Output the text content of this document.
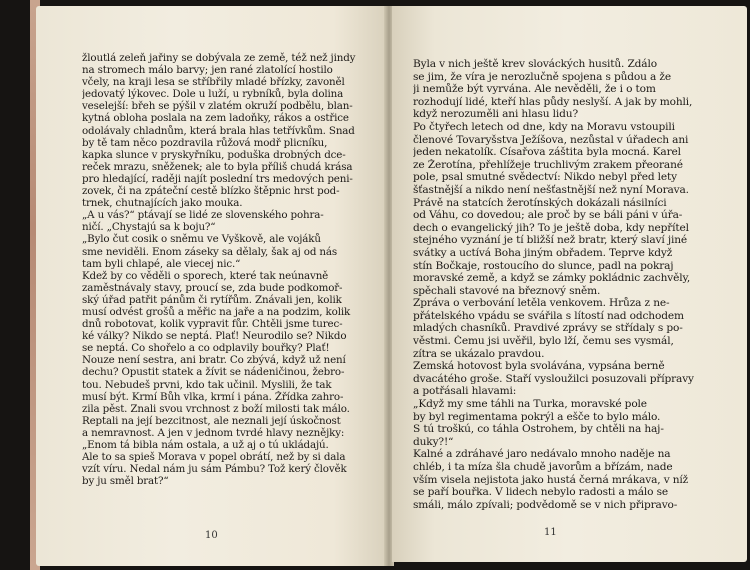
žloutlá zeleň jařiny se dobývala ze země, též než jindy
na stromech málo barvy; jen rané zlatolící hostilo
včely, na kraji lesa se stříbřily mladé břízky, zavoněl
jedovatý lýkovec. Dole u luží, u rybníků, byla dolina
veselejší: břeh se pýšil v zlatém okruží podbělu, blan-
kytná obloha poslala na zem ladoňky, rákos a ostřice
odolávaly chladnům, která brala hlas tetřívkům. Snad
by tě tam něco pozdravila růžová modř plicníku,
kapka slunce v pryskyřníku, poduška drobných dce-
reček mrazu, sněženek; ale to byla příliš chudá krása
pro hledající, raději najít poslední trs medových peni-
zovek, či na zpáteční cestě blízko štěpnic hrst pod-
trnek, chutnajících jako mouka.
„A u vás?“ ptávají se lidé ze slovenského pohra-
ničí. „Chystajú sa k boju?“
„Bylo čut cosik o sněmu ve Vyškově, ale vojáků
sme neviděli. Enom záseky sa dělaly, šak aj od nás
tam byli chlapé, ale viecej nic.“
Kdež by co věděli o sporech, které tak neúnavně
zaměstnávaly stavy, proucí se, zda bude podkomoř-
ský úřad patřit pánům či rytířům. Znávali jen, kolik
musí odvést grošů a měřic na jaře a na podzim, kolik
dnů robotovat, kolik vypravit fůr. Chtěli jsme turec-
ké války? Nikdo se neptá. Plať! Neurodilo se? Nikdo
se neptá. Co shořelo a co odplavily bouřky? Plať!
Nouze není sestra, ani bratr. Co zbývá, když už není
dechu? Opustit statek a žívit se nádeničinou, žebro-
tou. Nebudeš prvni, kdo tak učinil. Myslili, že tak
musí být. Krmí Bůh vlka, krmí i pána. Žřídka zahro-
zila pěst. Znali svou vrchnost z boží milosti tak málo.
Reptali na její bezcitnost, ale neznali její úskočnost
a nemravnost. A jen v jednom tvrdé hlavy neznějky:
„Enom tá bibla nám ostala, a už aj o tú ukládajú.
Ale to sa spieš Morava v popel obrátí, než by si dala
vzít víru. Nedal nám ju sám Pámbu? Tož kerý člověk
by ju směl brat?“
10
Byla v nich ještě krev slováckých husitů. Zdálo
se jim, že víra je nerozlučně spojena s půdou a že
ji nemůže být vyrvána. Ale nevěděli, že i o tom
rozhodují lidé, kteří hlas půdy neslyší. A jak by mohli,
když nerozuměli ani hlasu lidu?
Po čtyřech letech od dne, kdy na Moravu vstoupili
členové Tovaryšstva Ježíšova, nezůstal v úřadech ani
jeden nekatolík. Císařova záštita byla mocná. Karel
ze Žerotína, přehlížeje truchlivým zrakem přeorané
pole, psal smutné svědectví: Nikdo nebyl před lety
šťastnější a nikdo není nešťastnější než nyní Morava.
Právě na statcích žerotínských dokázali násilníci
od Váhu, co dovedou; ale proč by se báli páni v úřa-
dech o evangelický jih? To je ještě doba, kdy nepřítel
stejného vyznání je tí bližší než bratr, který slaví jiné
svátky a uctívá Boha jiným obřadem. Teprve když
stín Bočkaje, rostoucího do slunce, padl na pokraj
moravské země, a když se zámky pokládnic zachvěly,
spěchali stavové na březnový sněm.
Zpráva o verbování letěla venkovem. Hrůza z ne-
přátelského vpádu se svářila s lítostí nad odchodem
mladých chasníků. Pravdivé zprávy se střídaly s po-
věstmi. Čemu jsi uvěřil, bylo lží, čemu ses vysmál,
zítra se ukázalo pravdou.
Zemská hotovost byla svolávána, vypsána berně
dvacátého groše. Staří vysloužilci posuzovali přípravy
a potřásali hlavami:
„Když my sme táhli na Turka, moravské pole
by byl regimentama pokrýl a ešče to bylo málo.
S tú troškú, co táhla Ostrohem, by chtěli na haj-
duky?!“
Kalné a zdráhavé jaro nedávalo mnoho naděje na
chléb, i ta míza šla chudě javorům a břízám, nade
vším visela nejistota jako hustá černá mrákava, v níž
se paří bouřka. V lidech nebylo radosti a málo se
smáli, málo zpívali; podvědomě se v nich připravo-
11
